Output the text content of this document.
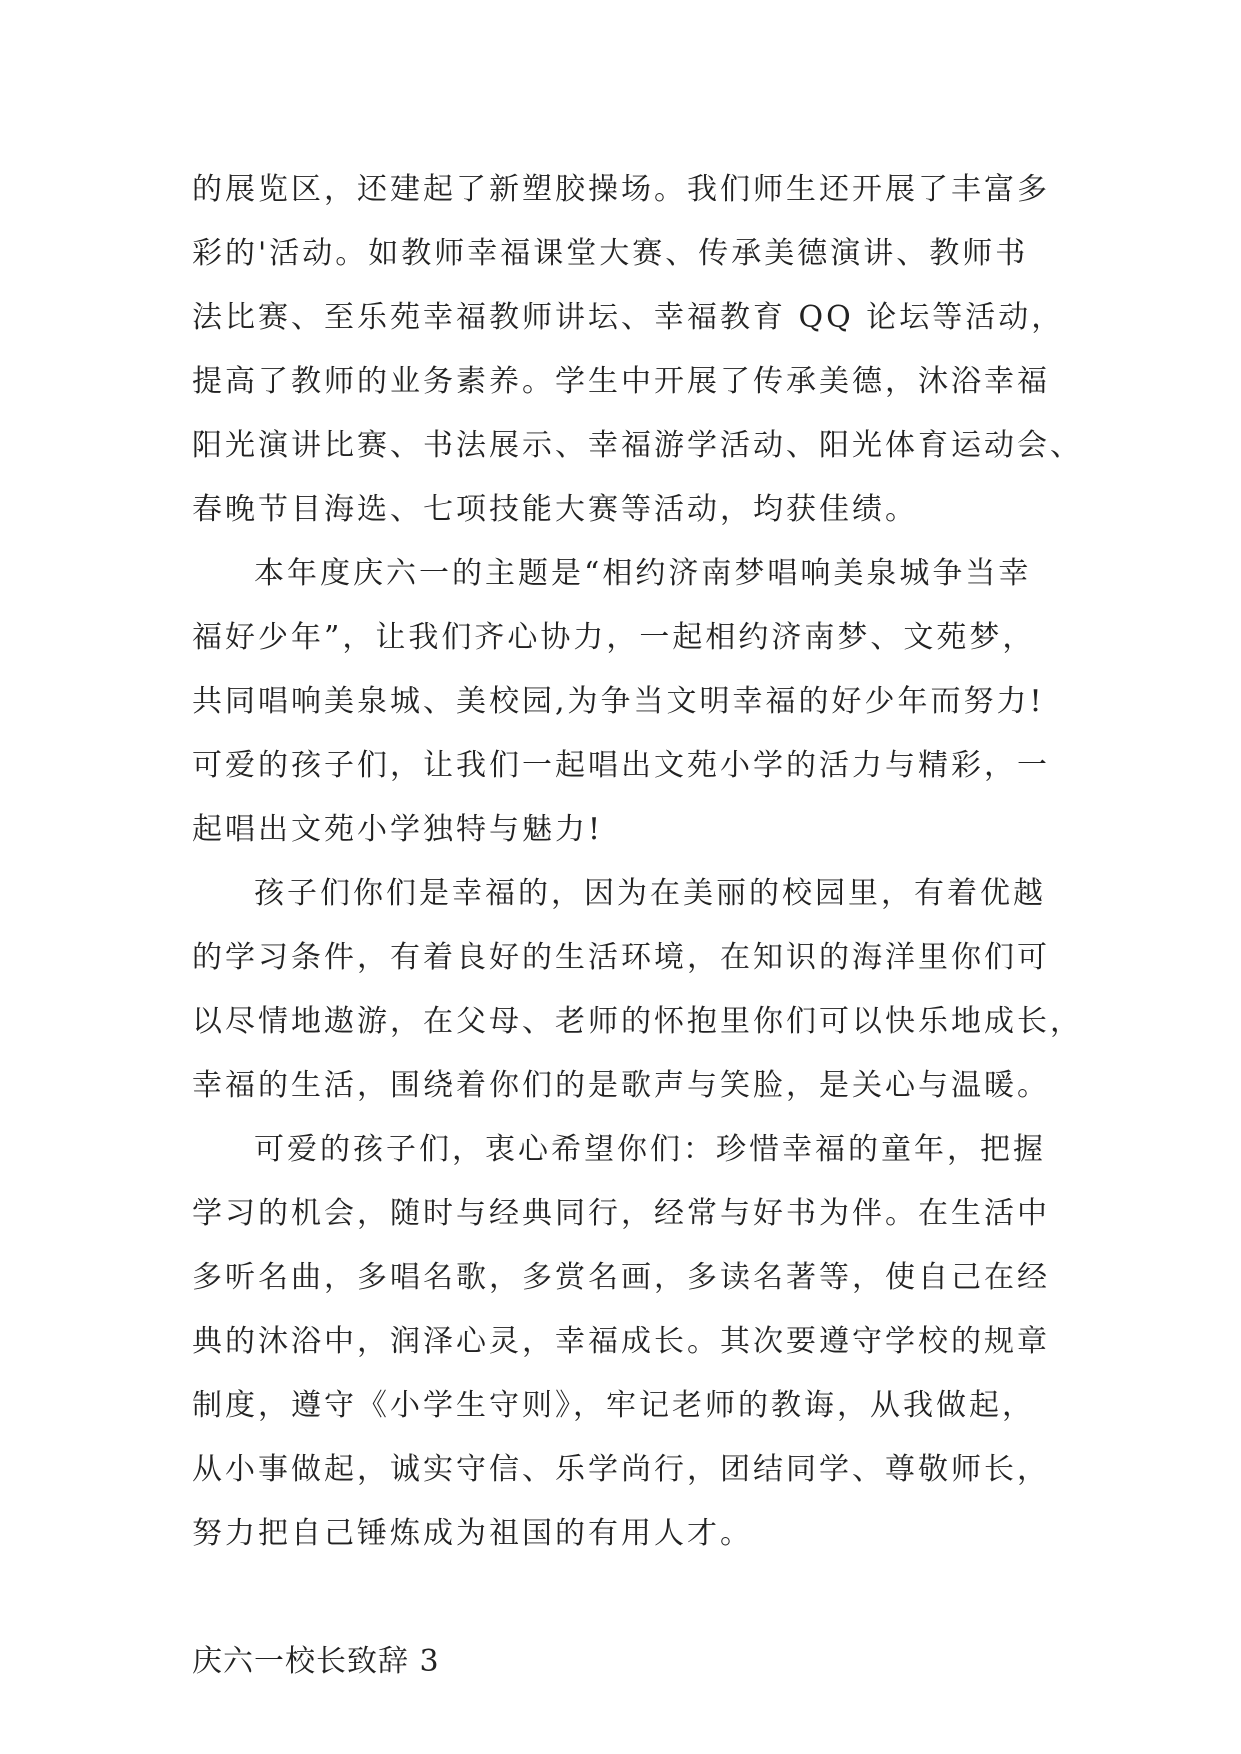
的展览区，还建起了新塑胶操场。我们师生还开展了丰富多
彩的'活动。如教师幸福课堂大赛、传承美德演讲、教师书
法比赛、至乐苑幸福教师讲坛、幸福教育 QQ 论坛等活动，
提高了教师的业务素养。学生中开展了传承美德，沐浴幸福
阳光演讲比赛、书法展示、幸福游学活动、阳光体育运动会、
春晚节目海选、七项技能大赛等活动，均获佳绩。
本年度庆六一的主题是“相约济南梦唱响美泉城争当幸
福好少年”，让我们齐心协力，一起相约济南梦、文苑梦，
共同唱响美泉城、美校园,为争当文明幸福的好少年而努力!
可爱的孩子们，让我们一起唱出文苑小学的活力与精彩，一
起唱出文苑小学独特与魅力!
孩子们你们是幸福的，因为在美丽的校园里，有着优越
的学习条件，有着良好的生活环境，在知识的海洋里你们可
以尽情地遨游，在父母、老师的怀抱里你们可以快乐地成长，
幸福的生活，围绕着你们的是歌声与笑脸，是关心与温暖。
可爱的孩子们，衷心希望你们：珍惜幸福的童年，把握
学习的机会，随时与经典同行，经常与好书为伴。在生活中
多听名曲，多唱名歌，多赏名画，多读名著等，使自己在经
典的沐浴中，润泽心灵，幸福成长。其次要遵守学校的规章
制度，遵守《小学生守则》，牢记老师的教诲，从我做起，
从小事做起，诚实守信、乐学尚行，团结同学、尊敬师长，
努力把自己锤炼成为祖国的有用人才。
庆六一校长致辞 3
